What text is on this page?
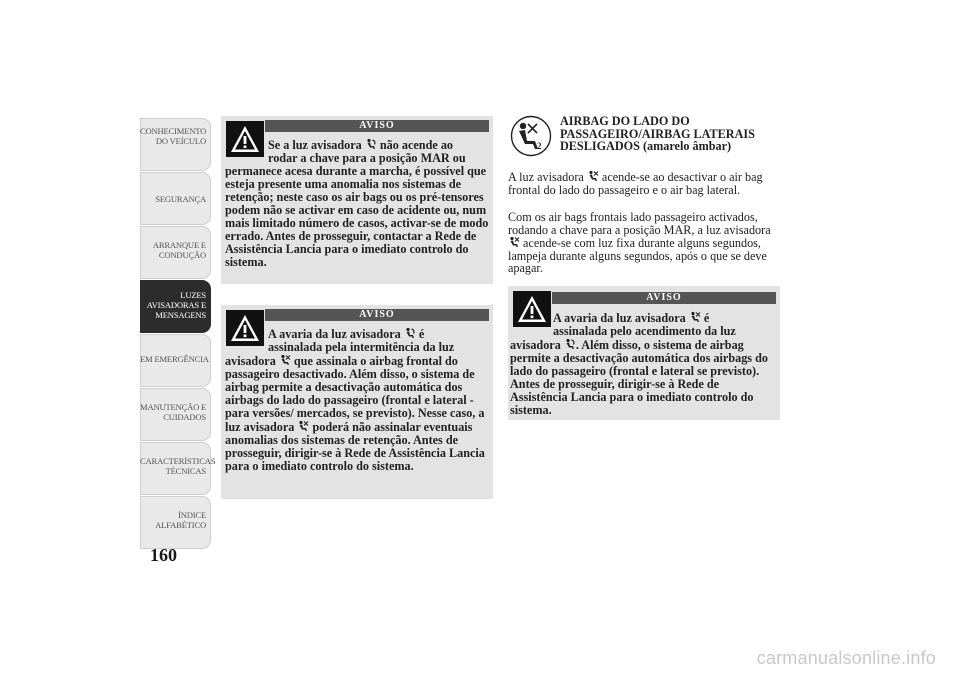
CONHECIMENTO
DO VEÍCULO
SEGURANÇA
ARRANQUE E
CONDUÇÃO
LUZES
AVISADORAS E
MENSAGENS
EM EMERGÊNCIA
MANUTENÇÃO E
CUIDADOS
CARACTERÍSTICAS
TÉCNICAS
ÍNDICE
ALFABÉTICO
160
AVISO
Se a luz avisadora não acende ao
rodar a chave para a posição MAR ou
permanece acesa durante a marcha, é possível que esteja presente uma anomalia nos sistemas de retenção; neste caso os air bags ou os pré-tensores podem não se activar em caso de acidente ou, num mais limitado número de casos, activar-se de modo errado. Antes de prosseguir, contactar a Rede de Assistência Lancia para o imediato controlo do sistema.
AVISO
A avaria da luz avisadora é
assinalada pela intermitência da luz
avisadora que assinala o airbag frontal do passageiro desactivado. Além disso, o sistema de airbag permite a desactivação automática dos airbags do lado do passageiro (frontal e lateral - para versões/ mercados, se previsto). Nesse caso, a luz avisadora poderá não assinalar eventuais anomalias dos sistemas de retenção. Antes de prosseguir, dirigir-se à Rede de Assistência Lancia para o imediato controlo do sistema.
2
AIRBAG DO LADO DO
PASSAGEIRO/AIRBAG LATERAIS
DESLIGADOS (amarelo âmbar)
A luz avisadora acende-se ao desactivar o air bag frontal do lado do passageiro e o air bag lateral.
Com os air bags frontais lado passageiro activados, rodando a chave para a posição MAR, a luz avisadora  acende-se com luz fixa durante alguns segundos, lampeja durante alguns segundos, após o que se deve apagar.
AVISO
A avaria da luz avisadora é
assinalada pelo acendimento da luz
avisadora . Além disso, o sistema de airbag permite a desactivação automática dos airbags do lado do passageiro (frontal e lateral se previsto). Antes de prosseguir, dirigir-se à Rede de Assistência Lancia para o imediato controlo do sistema.
carmanualsonline.info
